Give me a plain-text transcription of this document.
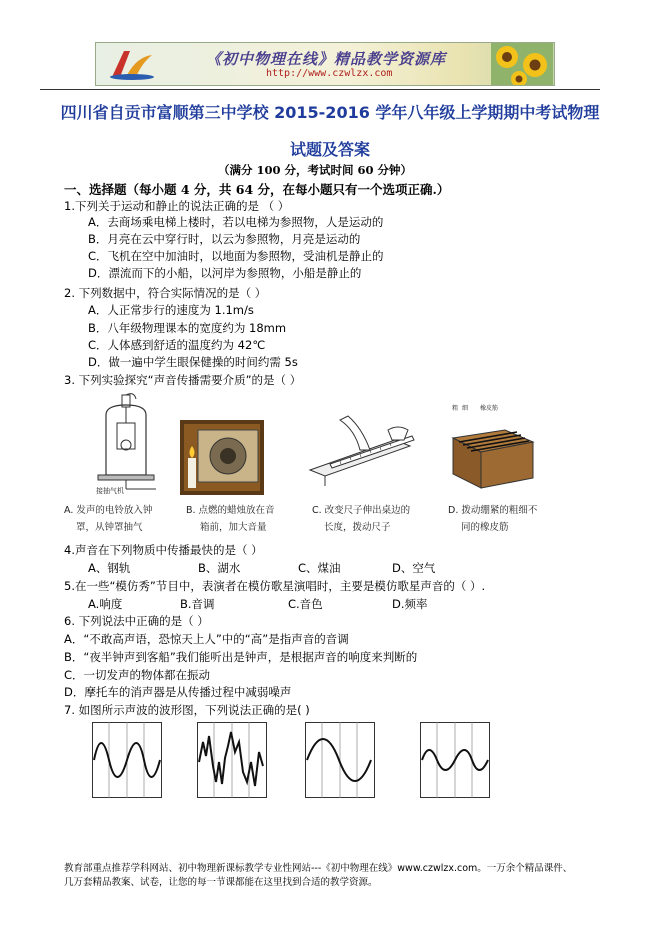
《初中物理在线》精品教学资源库
http://www.czwlzx.com
四川省自贡市富顺第三中学校 2015-2016 学年八年级上学期期中考试物理
试题及答案
（满分 100 分，考试时间 60 分钟）
一、选择题（每小题 4 分，共 64 分，在每小题只有一个选项正确.）
1.下列关于运动和静止的说法正确的是 （ ）
A．去商场乘电梯上楼时，若以电梯为参照物，人是运动的
B．月亮在云中穿行时，以云为参照物，月亮是运动的
C．飞机在空中加油时，以地面为参照物，受油机是静止的
D．漂流而下的小船，以河岸为参照物，小船是静止的
2. 下列数据中，符合实际情况的是（ ）
A．人正常步行的速度为 1.1m/s
B．八年级物理课本的宽度约为 18mm
C．人体感到舒适的温度约为 42℃
D．做一遍中学生眼保健操的时间约需 5s
3. 下列实验探究“声音传播需要介质”的是（ ）
接抽气机
粗 细 橡皮筋
A. 发声的电铃放入钟
罩，从钟罩抽气
B. 点燃的蜡烛放在音
箱前，加大音量
C. 改变尺子伸出桌边的
长度，拨动尺子
D. 拨动绷紧的粗细不
同的橡皮筋
4.声音在下列物质中传播最快的是（ ）
A、钢轨	B、湖水	C、煤油	D、空气
5.在一些“模仿秀”节目中，表演者在模仿歌星演唱时，主要是模仿歌星声音的（ ）.
A.响度	B.音调	C.音色	D.频率
6. 下列说法中正确的是（ ）
A．“不敢高声语，恐惊天上人”中的“高”是指声音的音调
B．“夜半钟声到客船”我们能听出是钟声，是根据声音的响度来判断的
C．一切发声的物体都在振动
D．摩托车的消声器是从传播过程中减弱噪声
7. 如图所示声波的波形图，下列说法正确的是( )
教育部重点推荐学科网站、初中物理新课标教学专业性网站---《初中物理在线》www.czwlzx.com。一万余个精品课件、
几万套精品教案、试卷，让您的每一节课都能在这里找到合适的教学资源。
